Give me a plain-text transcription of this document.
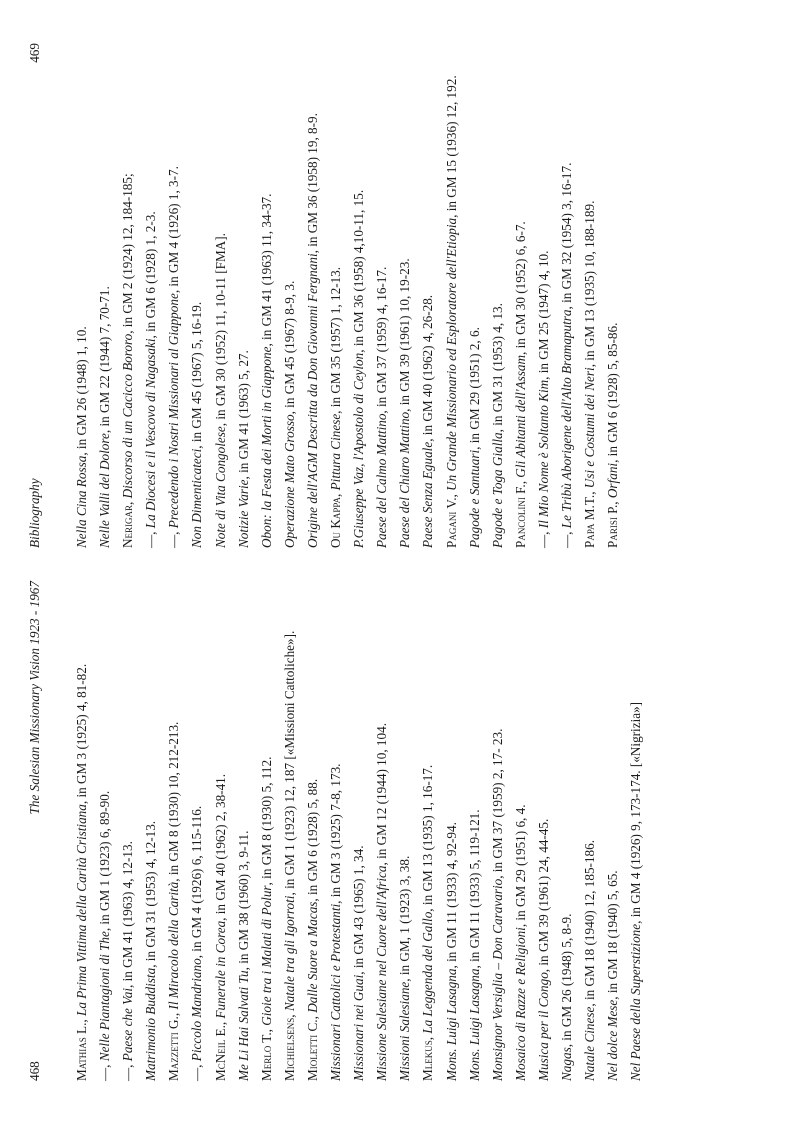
468
The Salesian Missionary Vision 1923 - 1967

Mathias L., La Prima Vittima della Carità Cristiana, in GM 3 (1925) 4, 81-82.

—, Nelle Piantagioni di The, in GM 1 (1923) 6, 89-90.

—, Paese che Vai, in GM 41 (1963) 4, 12-13.

Matrimonio Buddista, in GM 31 (1953) 4, 12-13.

Mazzetti G., Il Miracolo della Carità, in GM 8 (1930) 10, 212-213.

—, Piccolo Mandriano, in GM 4 (1926) 6, 115-116.

McNeil E., Funerale in Corea, in GM 40 (1962) 2, 38-41.

Me Li Hai Salvati Tu, in GM 38 (1960) 3, 9-11.

Merlo T., Gioie tra i Malati di Polur, in GM 8 (1930) 5, 112.

Michielsens, Natale tra gli Igorroti, in GM 1 (1923) 12, 187 [«Missioni Cattoliche»].

Mioletti C., Dalle Suore a Macas, in GM 6 (1928) 5, 88.

Missionari Cattolici e Protestanti, in GM 3 (1925) 7-8, 173.

Missionari nei Guai, in GM 43 (1965) 1, 34. Missione Salesiane nel Cuore dell'Africa, in GM 12 (1944) 10, 104.

Missioni Salesiane, in GM, 1 (1923) 3, 38.

Mlekus, La Leggenda del Gallo, in GM 13 (1935) 1, 16-17.

Mons. Luigi Lasagna, in GM 11 (1933) 4, 92-94.

Mons. Luigi Lasagna, in GM 11 (1933) 5, 119-121. Monsignor Versiglia – Don Caravario, in GM 37 (1959) 2, 17- 23.

Mosaico di Razze e Religioni, in GM 29 (1951) 6, 4.

Musica per il Congo, in GM 39 (1961) 24, 44-45.

Nagas, in GM 26 (1948) 5, 8-9. Natale Cinese, in GM 18 (1940) 12, 185-186.

Nel dolce Mese, in GM 18 (1940) 5, 65. Nel Paese della Superstizione, in GM 4 (1926) 9, 173-174. [«Nigrizia»]

469
Bibliography Nella Cina Rossa, in GM 26 (1948) 1, 10.

Nelle Valli del Dolore, in GM 22 (1944) 7, 70-71.

Nerigar, Discorso di un Cacicco Bororo, in GM 2 (1924) 12, 184-185;

—, La Diocesi e il Vescovo di Nagasaki, in GM 6 (1928) 1, 2-3.

—, Precedendo i Nostri Missionari al Giappone, in GM 4 (1926) 1, 3-7.

Non Dimenticateci, in GM 45 (1967) 5, 16-19.

Note di Vita Congolese, in GM 30 (1952) 11, 10-11 [FMA].

Notizie Varie, in GM 41 (1963) 5, 27. Obon: la Festa dei Morti in Giappone, in GM 41 (1963) 11, 34-37.

Operazione Mato Grosso, in GM 45 (1967) 8-9, 3. Origine dell'AGM Descritta da Don Giovanni Fergnani, in GM 36 (1958) 19, 8-9.

Ou Kappa, Pittura Cinese, in GM 35 (1957) 1, 12-13.

P.Giuseppe Vaz, l'Apostolo di Ceylon, in GM 36 (1958) 4,10-11, 15.

Paese del Calmo Mattino, in GM 37 (1959) 4, 16-17.

Paese del Chiaro Mattino, in GM 39 (1961) 10, 19-23.

Paese Senza Eguale, in GM 40 (1962) 4, 26-28.

Pagani V., Un Grande Missionario ed Esploratore dell'Etiopia, in GM 15 (1936) 12, 192.

Pagode e Santuari, in GM 29 (1951) 2, 6.

Pagode e Toga Gialla, in GM 31 (1953) 4, 13.

Pancolini F., Gli Abitanti dell'Assam, in GM 30 (1952) 6, 6-7.

—, Il Mio Nome è Soltanto Kim, in GM 25 (1947) 4, 10.

—, Le Tribù Aborigene dell'Alto Bramaputra, in GM 32 (1954) 3, 16-17.

Papa M.T., Usi e Costumi dei Neri, in GM 13 (1935) 10, 188-189.

Parisi P., Orfani, in GM 6 (1928) 5, 85-86.
